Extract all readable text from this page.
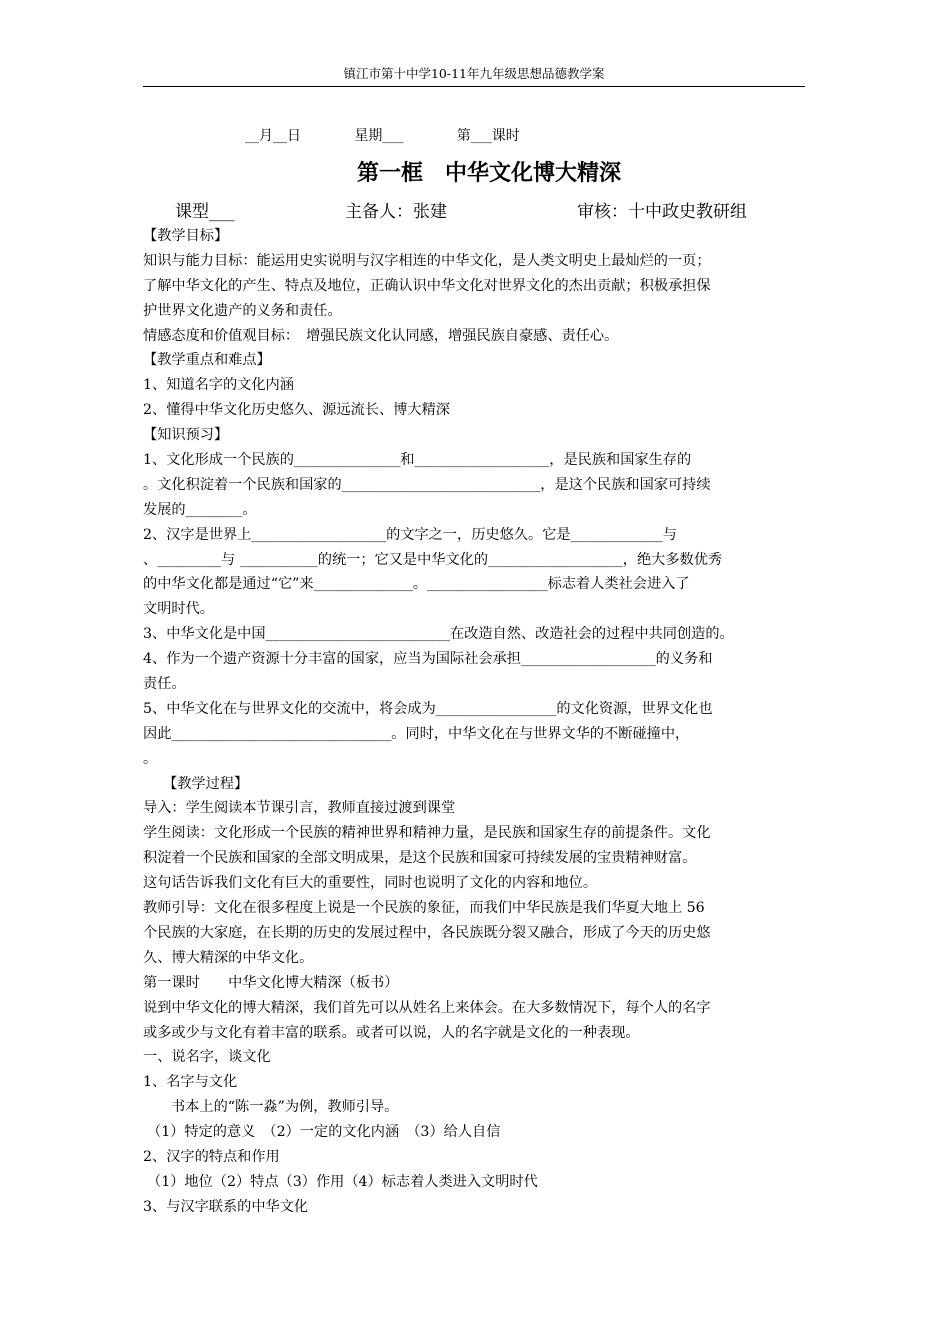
镇江市第十中学10-11年九年级思想品德教学案
__月__日            星期___            第___课时
第一框　中华文化博大精深
课型___	主备人：张建	审核：十中政史教研组
【教学目标】
知识与能力目标：能运用史实说明与汉字相连的中华文化，是人类文明史上最灿烂的一页；
了解中华文化的产生、特点及地位，正确认识中华文化对世界文化的杰出贡献；积极承担保
护世界文化遗产的义务和责任。
情感态度和价值观目标：　增强民族文化认同感，增强民族自豪感、责任心。
【教学重点和难点】
1、知道名字的文化内涵
2、懂得中华文化历史悠久、源远流长、博大精深
【知识预习】
1、文化形成一个民族的_______________和___________________，是民族和国家生存的
。文化积淀着一个民族和国家的____________________________，是这个民族和国家可持续
发展的________。
2、汉字是世界上___________________的文字之一，历史悠久。它是_____________与
、_________与 ___________的统一；它又是中华文化的___________________，绝大多数优秀
的中华文化都是通过“它”来______________。_________________标志着人类社会进入了
文明时代。
3、中华文化是中国__________________________在改造自然、改造社会的过程中共同创造的。
4、作为一个遗产资源十分丰富的国家，应当为国际社会承担___________________的义务和
责任。
5、中华文化在与世界文化的交流中，将会成为_________________的文化资源，世界文化也
因此_______________________________。同时，中华文化在与世界文华的不断碰撞中，
。
【教学过程】
导入：学生阅读本节课引言，教师直接过渡到课堂
学生阅读：文化形成一个民族的精神世界和精神力量，是民族和国家生存的前提条件。文化
积淀着一个民族和国家的全部文明成果，是这个民族和国家可持续发展的宝贵精神财富。
这句话告诉我们文化有巨大的重要性，同时也说明了文化的内容和地位。
教师引导：文化在很多程度上说是一个民族的象征，而我们中华民族是我们华夏大地上 56
个民族的大家庭，在长期的历史的发展过程中，各民族既分裂又融合，形成了今天的历史悠
久、博大精深的中华文化。
第一课时　　中华文化博大精深（板书）
说到中华文化的博大精深，我们首先可以从姓名上来体会。在大多数情况下，每个人的名字
或多或少与文化有着丰富的联系。或者可以说，人的名字就是文化的一种表现。
一、说名字，谈文化
1、名字与文化
书本上的“陈一淼”为例，教师引导。
（1）特定的意义　（2）一定的文化内涵　（3）给人自信
2、汉字的特点和作用
（1）地位（2）特点（3）作用（4）标志着人类进入文明时代
3、与汉字联系的中华文化
